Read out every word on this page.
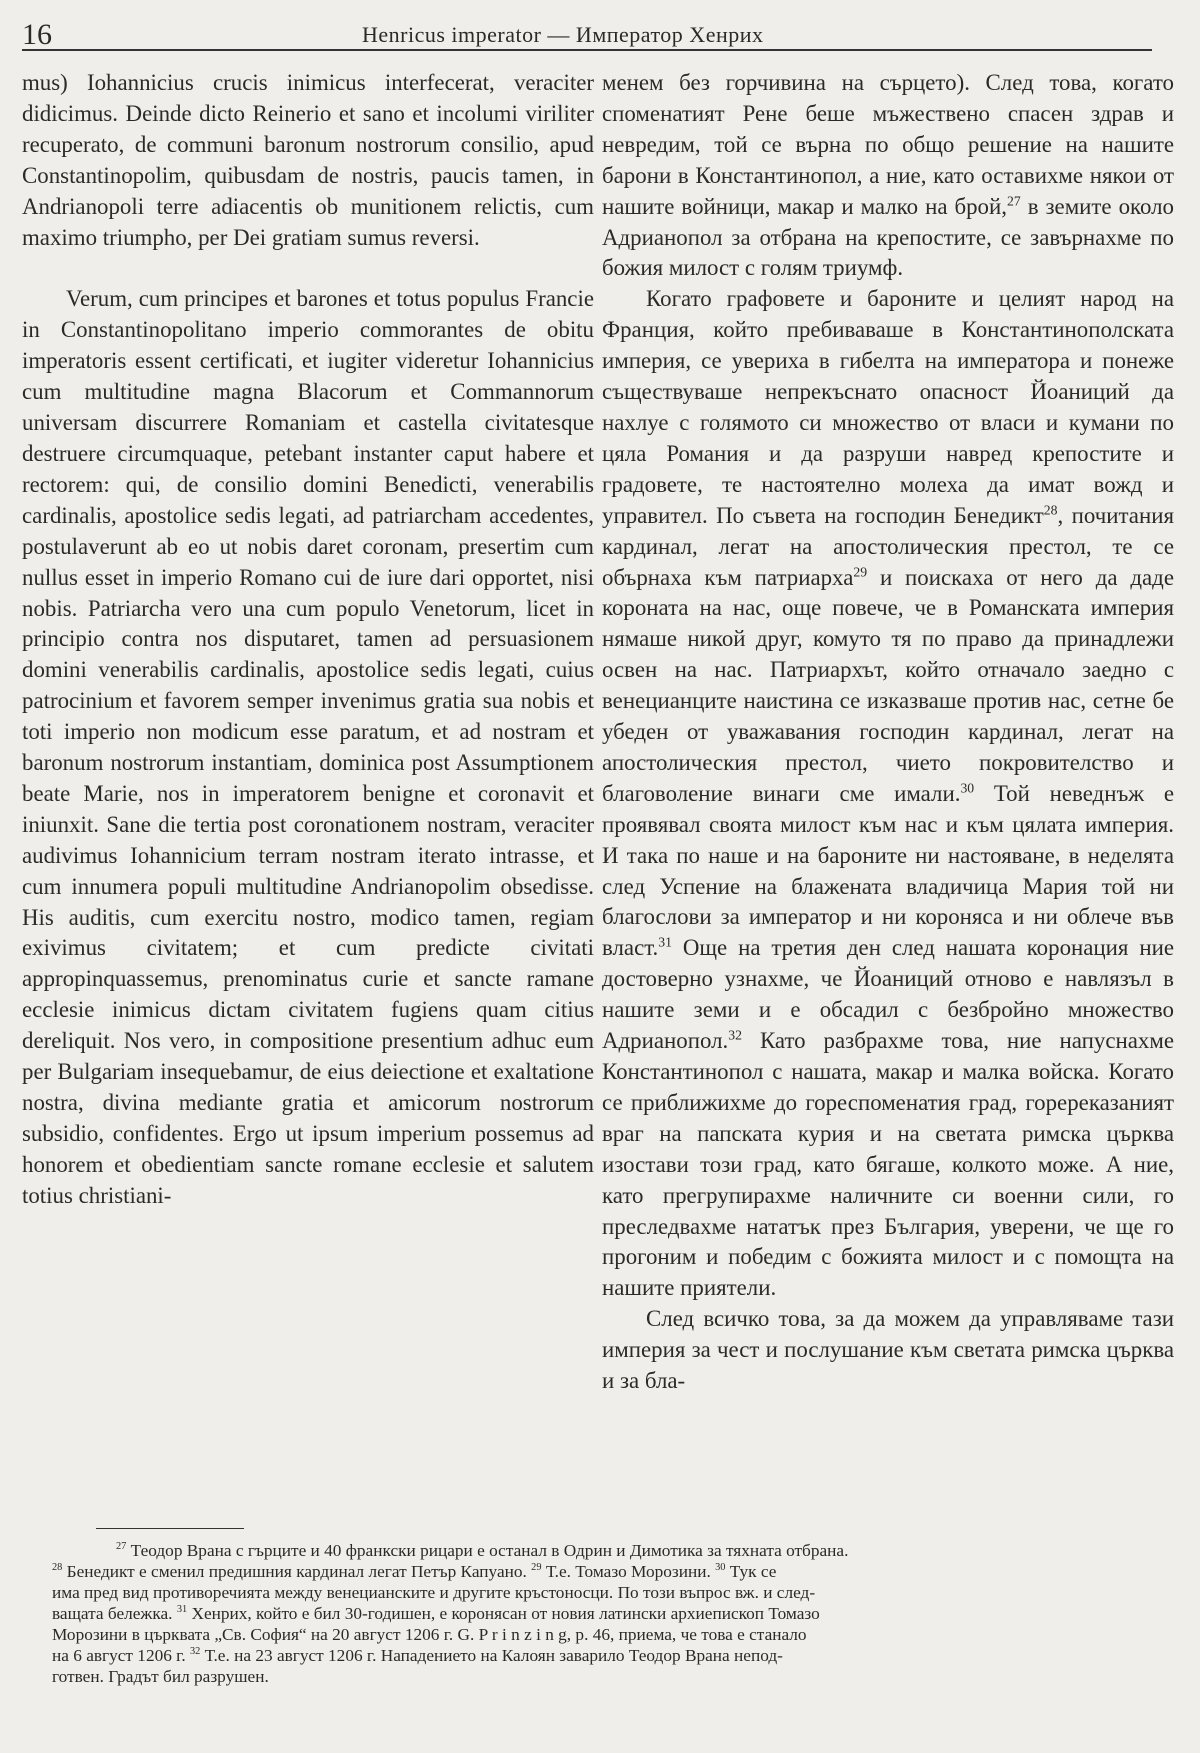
16	Henricus imperator — Император Хенрих

mus) Iohannicius crucis inimicus interfecerat, veraciter didicimus. Deinde dicto Reinerio et sano et incolumi viriliter recuperato, de communi baronum nostrorum consilio, apud Constantinopolim, quibusdam de nostris, paucis tamen, in Andrianopoli terre adiacentis ob munitionem relictis, cum maximo triumpho, per Dei gratiam sumus reversi.

Verum, cum principes et barones et totus populus Francie in Constantinopolitano imperio commorantes de obitu imperatoris essent certificati, et iugiter videretur Iohannicius cum multitudine magna Blacorum et Commannorum universam discurrere Romaniam et castella civitatesque destruere circumquaque, petebant instanter caput habere et rectorem: qui, de consilio domini Benedicti, venerabilis cardinalis, apostolice sedis legati, ad patriarcham accedentes, postulaverunt ab eo ut nobis daret coronam, presertim cum nullus esset in imperio Romano cui de iure dari opportet, nisi nobis. Patriarcha vero una cum populo Venetorum, licet in principio contra nos disputaret, tamen ad persuasionem domini venerabilis cardinalis, apostolice sedis legati, cuius patrocinium et favorem semper invenimus gratia sua nobis et toti imperio non modicum esse paratum, et ad nostram et baronum nostrorum instantiam, dominica post Assumptionem beate Marie, nos in imperatorem benigne et coronavit et iniunxit. Sane die tertia post coronationem nostram, veraciter audivimus Iohannicium terram nostram iterato intrasse, et cum innumera populi multitudine Andrianopolim obsedisse. His auditis, cum exercitu nostro, modico tamen, regiam exivimus civitatem; et cum predicte civitati appropinquassemus, prenominatus curie et sancte ramane ecclesie inimicus dictam civitatem fugiens quam citius dereliquit. Nos vero, in compositione presentium adhuc eum per Bulgariam insequebamur, de eius deiectione et exaltatione nostra, divina mediante gratia et amicorum nostrorum subsidio, confidentes. Ergo ut ipsum imperium possemus ad honorem et obedientiam sancte romane ecclesie et salutem totius christiani-

менем без горчивина на сърцето). След това, когато споменатият Рене беше мъжествено спасен здрав и невредим, той се върна по общо решение на нашите барони в Константинопол, а ние, като оставихме някои от нашите войници, макар и малко на брой,$^{27}$ в земите около Адрианопол за отбрана на крепостите, се завърнахме по божия милост с голям триумф.

Когато графовете и бароните и целият народ на Франция, който пребиваваше в Константинополската империя, се увериха в гибелта на императора и понеже съществуваше непрекъснато опасност Йоаниций да нахлуе с голямото си множество от власи и кумани по цяла Романия и да разруши навред крепостите и градовете, те настоятелно молеха да имат вожд и управител. По съвета на господин Бенедикт$^{28}$, почитания кардинал, легат на апостолическия престол, те се обърнаха към патриарха$^{29}$ и поискаха от него да даде короната на нас, още повече, че в Романската империя нямаше никой друг, комуто тя по право да принадлежи освен на нас. Патриархът, който отначало заедно с венецианците наистина се изказваше против нас, сетне бе убеден от уважавания господин кардинал, легат на апостолическия престол, чието покровителство и благоволение винаги сме имали.$^{30}$ Той неведнъж е проявявал своята милост към нас и към цялата империя. И така по наше и на бароните ни настояване, в неделята след Успение на блажената владичица Мария той ни благослови за император и ни короняса и ни облече във власт.$^{31}$ Още на третия ден след нашата коронация ние достоверно узнахме, че Йоаниций отново е навлязъл в нашите земи и е обсадил с безбройно множество Адрианопол.$^{32}$ Като разбрахме това, ние напуснахме Константинопол с нашата, макар и малка войска. Когато се приближихме до гореспоменатия град, горереказаният враг на папската курия и на светата римска църква изостави този град, като бягаше, колкото може. А ние, като прегрупирахме наличните си военни сили, го преследвахме нататък през България, уверени, че ще го прогоним и победим с божията милост и с помощта на нашите приятели.

След всичко това, за да можем да управляваме тази империя за чест и послушание към светата римска църква и за бла-

$^{27}$ Теодор Врана с гърците и 40 франкски рицари е останал в Одрин и Димотика за тяхната отбрана.
$^{28}$ Бенедикт е сменил предишния кардинал легат Петър Капуано. $^{29}$ Т.е. Томазо Морозини. $^{30}$ Тук се
има пред вид противоречията между венецианските и другите кръстоносци. По този въпрос вж. и след-
ващата бележка. $^{31}$ Хенрих, който е бил 30-годишен, е коронясан от новия латински архиепископ Томазо
Морозини в църквата „Св. София“ на 20 август 1206 г. G. P r i n z i n g, p. 46, приема, че това е станало
на 6 август 1206 г. $^{32}$ Т.е. на 23 август 1206 г. Нападението на Калоян заварило Теодор Врана непод-
готвен. Градът бил разрушен.
